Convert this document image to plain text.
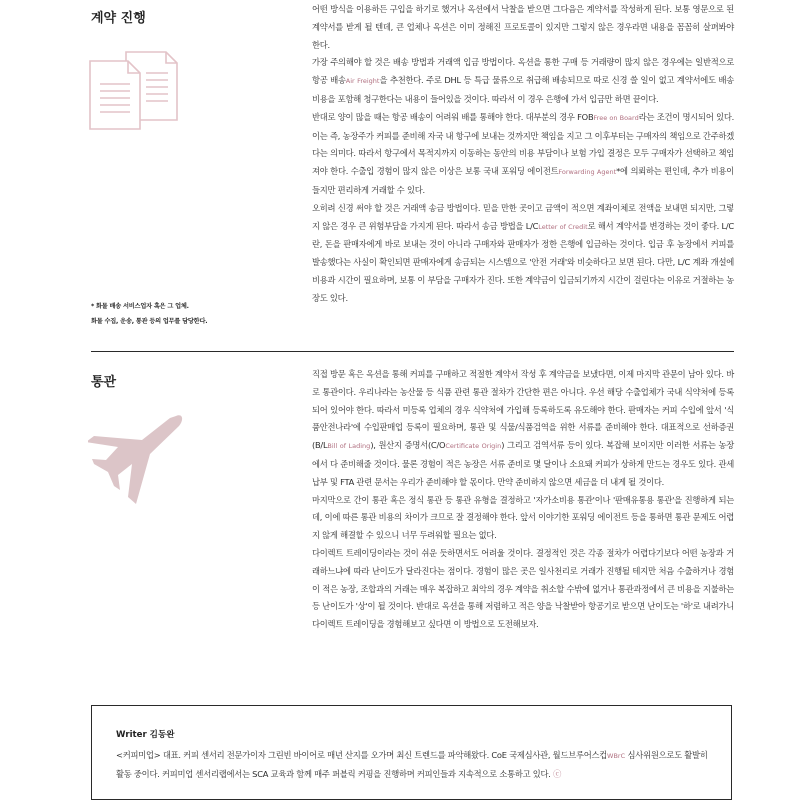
계약 진행

어떤 방식을 이용하든 구입을 하기로 했거나 옥션에서 낙찰을 받으면 그다음은 계약서를 작성하게 된다. 보통 영문으로 된 계약서를 받게 될 텐데, 큰 업체나 옥션은 이미 정해진 프로토콜이 있지만 그렇지 않은 경우라면 내용을 꼼꼼히 살펴봐야 한다.

가장 주의해야 할 것은 배송 방법과 거래액 입금 방법이다. 옥션을 통한 구매 등 거래량이 많지 않은 경우에는 일반적으로 항공 배송Air Freight을 추천한다. 주로 DHL 등 특급 물류으로 취급해 배송되므로 따로 신경 쓸 일이 없고 계약서에도 배송 비용을 포함해 청구한다는 내용이 들어있을 것이다. 따라서 이 경우 은행에 가서 입금만 하면 끝이다.

반대로 양이 많을 때는 항공 배송이 어려워 배를 통해야 한다. 대부분의 경우 FOBFree on Board라는 조건이 명시되어 있다. 이는 즉, 농장주가 커피를 준비해 자국 내 항구에 보내는 것까지만 책임을 지고 그 이후부터는 구매자의 책임으로 간주하겠다는 의미다. 따라서 항구에서 목적지까지 이동하는 동안의 비용 부담이나 보험 가입 결정은 모두 구매자가 선택하고 책임져야 한다. 수출입 경험이 많지 않은 이상은 보통 국내 포워딩 에이전트Forwarding Agent*에 의뢰하는 편인데, 추가 비용이 들지만 편리하게 거래할 수 있다.

오히려 신경 써야 할 것은 거래액 송금 방법이다. 믿을 만한 곳이고 금액이 적으면 계좌이체로 전액을 보내면 되지만, 그렇지 않은 경우 큰 위험부담을 가지게 된다. 따라서 송금 방법을 L/CLetter of Credit로 해서 계약서를 변경하는 것이 좋다. L/C란, 돈을 판매자에게 바로 보내는 것이 아니라 구매자와 판매자가 정한 은행에 입금하는 것이다. 입금 후 농장에서 커피를 발송했다는 사실이 확인되면 판매자에게 송금되는 시스템으로 '안전 거래'와 비슷하다고 보면 된다. 다만, L/C 계좌 개설에 비용과 시간이 필요하며, 보통 이 부담을 구매자가 진다. 또한 계약금이 입금되기까지 시간이 걸린다는 이유로 거절하는 농장도 있다.

* 화물 배송 서비스업자 혹은 그 업체.
화물 수집, 운송, 통관 등의 업무를 담당한다.
통관

직접 방문 혹은 옥션을 통해 커피를 구매하고 적절한 계약서 작성 후 계약금을 보냈다면, 이제 마지막 관문이 남아 있다. 바로 통관이다. 우리나라는 농산물 등 식품 관련 통관 절차가 간단한 편은 아니다. 우선 해당 수출업체가 국내 식약처에 등록되어 있어야 한다. 따라서 미등록 업체의 경우 식약처에 가입해 등록하도록 유도해야 한다. 판매자는 커피 수입에 앞서 '식품안전나라'에 수입판매업 등록이 필요하며, 통관 및 식물/식품검역을 위한 서류를 준비해야 한다. 대표적으로 선하증권(B/LBill of Lading), 원산지 증명서(C/OCertificate Origin) 그리고 검역서류 등이 있다. 복잡해 보이지만 이러한 서류는 농장에서 다 준비해줄 것이다. 물론 경험이 적은 농장은 서류 준비로 몇 달이나 소요돼 커피가 상하게 만드는 경우도 있다. 관세납부 및 FTA 관련 문서는 우리가 준비해야 할 몫이다. 만약 준비하지 않으면 세금을 더 내게 될 것이다.

마지막으로 간이 통관 혹은 정식 통관 등 통관 유형을 결정하고 '자가소비용 통관'이나 '판매유통용 통관'을 진행하게 되는데, 이에 따른 통관 비용의 차이가 크므로 잘 결정해야 한다. 앞서 이야기한 포워딩 에이전트 등을 통하면 통관 문제도 어렵지 않게 해결할 수 있으니 너무 두려워할 필요는 없다.

다이렉트 트레이딩이라는 것이 쉬운 듯하면서도 어려울 것이다. 결정적인 것은 각종 절차가 어렵다기보다 어떤 농장과 거래하느냐에 따라 난이도가 달라진다는 점이다. 경험이 많은 곳은 일사천리로 거래가 진행될 테지만 처음 수출하거나 경험이 적은 농장, 조합과의 거래는 매우 복잡하고 최악의 경우 계약을 취소할 수밖에 없거나 통관과정에서 큰 비용을 지불하는 등 난이도가 '상'이 될 것이다. 반대로 옥션을 통해 저렴하고 적은 양을 낙찰받아 항공기로 받으면 난이도는 '하'로 내려가니 다이렉트 트레이딩을 경험해보고 싶다면 이 방법으로 도전해보자.

Writer 김동완
<커피미업> 대표. 커피 센서리 전문가이자 그린빈 바이어로 매년 산지를 오가며 최신 트렌드를 파악해왔다. CoE 국제심사관, 월드브루어스컵WBrC 심사위원으로도 활발히 활동 중이다. 커피미업 센서리랩에서는 SCA 교육과 함께 매주 퍼블릭 커핑을 진행하며 커피인들과 지속적으로 소통하고 있다. ⓒ
